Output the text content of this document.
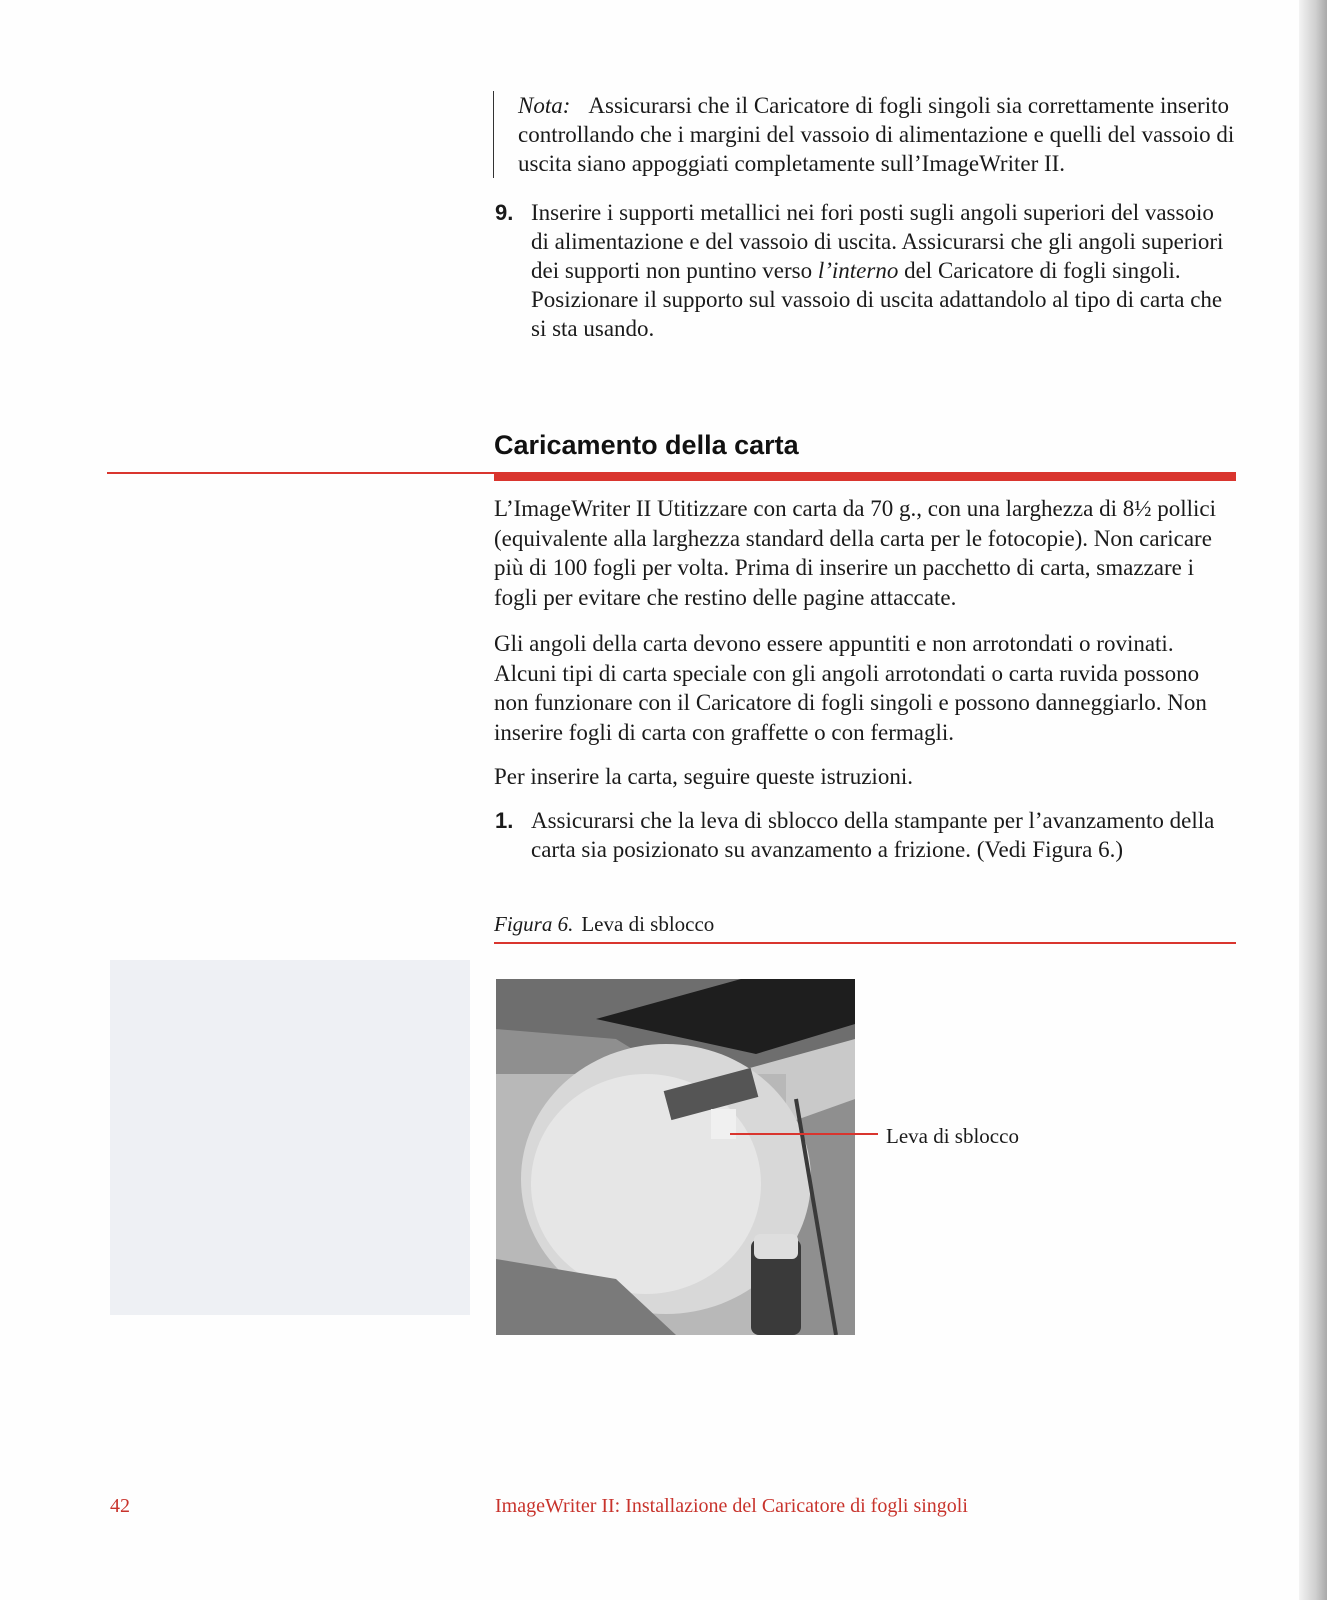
Nota: Assicurarsi che il Caricatore di fogli singoli sia correttamente inserito controllando che i margini del vassoio di alimentazione e quelli del vassoio di uscita siano appoggiati completamente sull’ImageWriter II.
9. Inserire i supporti metallici nei fori posti sugli angoli superiori del vassoio di alimentazione e del vassoio di uscita. Assicurarsi che gli angoli superiori dei supporti non puntino verso l’interno del Caricatore di fogli singoli. Posizionare il supporto sul vassoio di uscita adattandolo al tipo di carta che si sta usando.
Caricamento della carta

L’ImageWriter II Utitizzare con carta da 70 g., con una larghezza di 8½ pollici (equivalente alla larghezza standard della carta per le fotocopie). Non caricare più di 100 fogli per volta. Prima di inserire un pacchetto di carta, smazzare i fogli per evitare che restino delle pagine attaccate.

Gli angoli della carta devono essere appuntiti e non arrotondati o rovinati. Alcuni tipi di carta speciale con gli angoli arrotondati o carta ruvida possono non funzionare con il Caricatore di fogli singoli e possono danneggiarlo. Non inserire fogli di carta con graffette o con fermagli.

Per inserire la carta, seguire queste istruzioni.

1. Assicurarsi che la leva di sblocco della stampante per l’avanzamento della carta sia posizionato su avanzamento a frizione. (Vedi Figura 6.)
Figura 6. Leva di sblocco
Leva di sblocco
42	ImageWriter II: Installazione del Caricatore di fogli singoli
